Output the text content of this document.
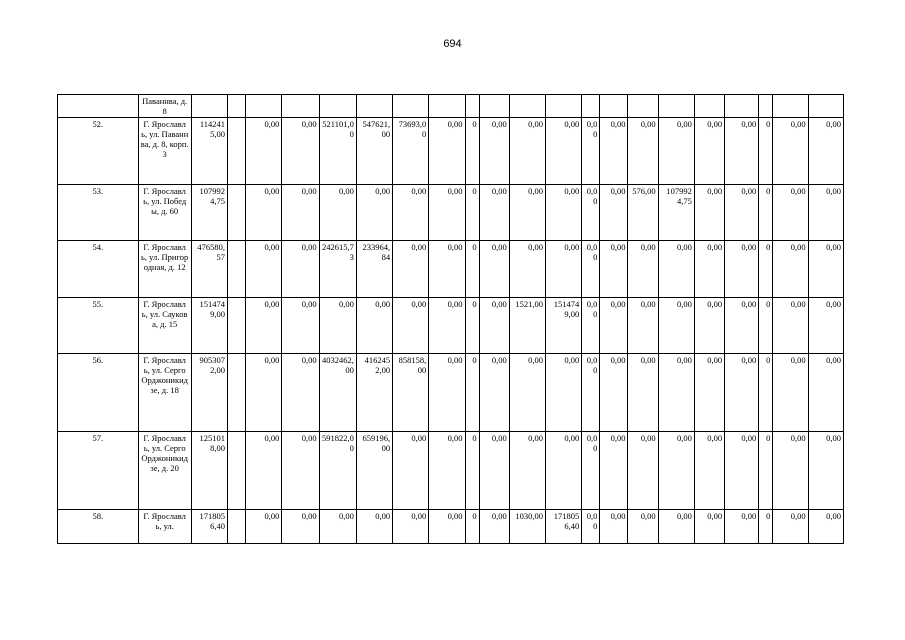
694
	Паваннва, д. 8																					
52.	Г. Ярославль, ул. Паваннва, д. 8, корп. 3	1142415,00		0,00	0,00	521101,00	547621,00	73693,00	0,00	0	0,00	0,00	0,00	0,00	0,00	0,00	0,00	0,00	0,00	0	0,00	0,00
53.	Г. Ярославль, ул. Победы, д. 60	1079924,75		0,00	0,00	0,00	0,00	0,00	0,00	0	0,00	0,00	0,00	0,00	0,00	576,00	1079924,75	0,00	0,00	0	0,00	0,00
54.	Г. Ярославль, ул. Пригородная, д. 12	476580,57		0,00	0,00	242615,73	233964,84	0,00	0,00	0	0,00	0,00	0,00	0,00	0,00	0,00	0,00	0,00	0,00	0	0,00	0,00
55.	Г. Ярославль, ул. Саукова, д. 15	1514749,00		0,00	0,00	0,00	0,00	0,00	0,00	0	0,00	1521,00	1514749,00	0,00	0,00	0,00	0,00	0,00	0,00	0	0,00	0,00
56.	Г. Ярославль, ул. Серго Орджоникидзе, д. 18	9053072,00		0,00	0,00	4032462,00	4162452,00	858158,00	0,00	0	0,00	0,00	0,00	0,00	0,00	0,00	0,00	0,00	0,00	0	0,00	0,00
57.	Г. Ярославль, ул. Серго Орджоникидзе, д. 20	1251018,00		0,00	0,00	591822,00	659196,00	0,00	0,00	0	0,00	0,00	0,00	0,00	0,00	0,00	0,00	0,00	0,00	0	0,00	0,00
58.	Г. Ярославль, ул.	1718056,40		0,00	0,00	0,00	0,00	0,00	0,00	0	0,00	1030,00	1718056,40	0,00	0,00	0,00	0,00	0,00	0,00	0	0,00	0,00
